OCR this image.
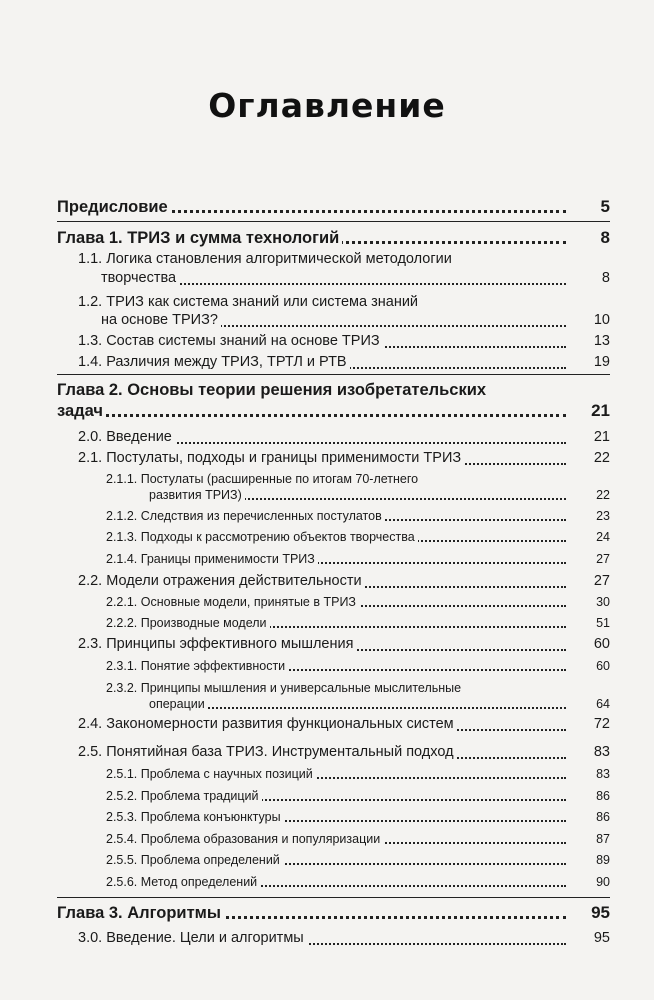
Оглавление
Предисловие	5
Глава 1. ТРИЗ и сумма технологий	8
1.1. Логика становления алгоритмической методологии
творчества	8
1.2. ТРИЗ как система знаний или система знаний
на основе ТРИЗ?	10
1.3. Состав системы знаний на основе ТРИЗ	13
1.4. Различия между ТРИЗ, ТРТЛ и РТВ	19
Глава 2. Основы теории решения изобретательских
задач	21
2.0. Введение	21
2.1. Постулаты, подходы и границы применимости ТРИЗ	22
2.1.1. Постулаты (расширенные по итогам 70-летнего
развития ТРИЗ)	22
2.1.2. Следствия из перечисленных постулатов	23
2.1.3. Подходы к рассмотрению объектов творчества	24
2.1.4. Границы применимости ТРИЗ	27
2.2. Модели отражения действительности	27
2.2.1. Основные модели, принятые в ТРИЗ	30
2.2.2. Производные модели	51
2.3. Принципы эффективного мышления	60
2.3.1. Понятие эффективности	60
2.3.2. Принципы мышления и универсальные мыслительные
операции	64
2.4. Закономерности развития функциональных систем	72
2.5. Понятийная база ТРИЗ. Инструментальный подход	83
2.5.1. Проблема с научных позиций	83
2.5.2. Проблема традиций	86
2.5.3. Проблема конъюнктуры	86
2.5.4. Проблема образования и популяризации	87
2.5.5. Проблема определений	89
2.5.6. Метод определений	90
Глава 3. Алгоритмы	95
3.0. Введение. Цели и алгоритмы	95
